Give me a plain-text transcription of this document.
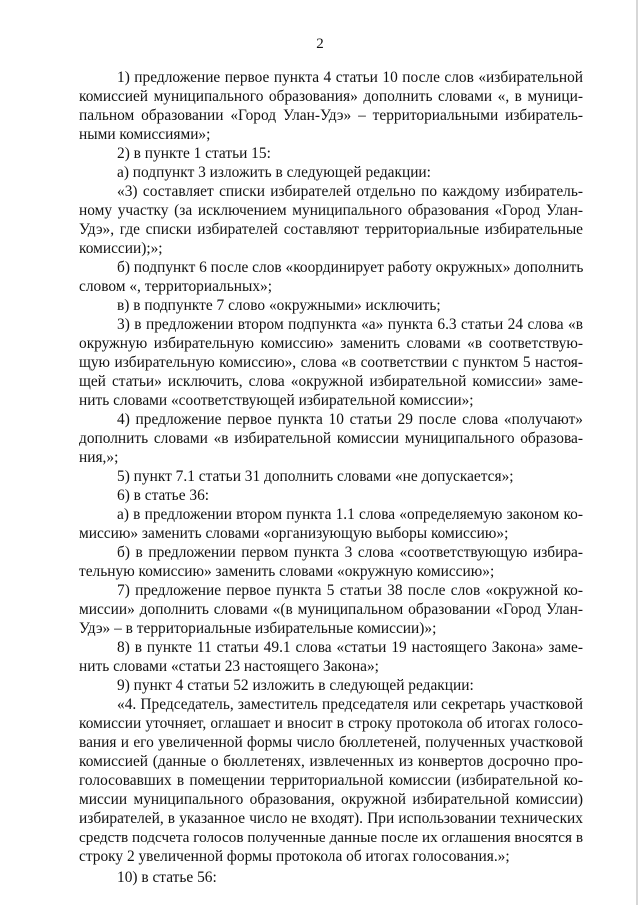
2
1) предложение первое пункта 4 статьи 10 после слов «избирательной
комиссией муниципального образования» дополнить словами «, в муници-
пальном образовании «Город Улан-Удэ» – территориальными избиратель-
ными комиссиями»;
2) в пункте 1 статьи 15:
а) подпункт 3 изложить в следующей редакции:
«3) составляет списки избирателей отдельно по каждому избиратель-
ному участку (за исключением муниципального образования «Город Улан-
Удэ», где списки избирателей составляют территориальные избирательные
комиссии);»;
б) подпункт 6 после слов «координирует работу окружных» дополнить
словом «, территориальных»;
в) в подпункте 7 слово «окружными» исключить;
3) в предложении втором подпункта «а» пункта 6.3 статьи 24 слова «в
окружную избирательную комиссию» заменить словами «в соответствую-
щую избирательную комиссию», слова «в соответствии с пунктом 5 настоя-
щей статьи» исключить, слова «окружной избирательной комиссии» заме-
нить словами «соответствующей избирательной комиссии»;
4) предложение первое пункта 10 статьи 29 после слова «получают»
дополнить словами «в избирательной комиссии муниципального образова-
ния,»;
5) пункт 7.1 статьи 31 дополнить словами «не допускается»;
6) в статье 36:
а) в предложении втором пункта 1.1 слова «определяемую законом ко-
миссию» заменить словами «организующую выборы комиссию»;
б) в предложении первом пункта 3 слова «соответствующую избира-
тельную комиссию» заменить словами «окружную комиссию»;
7) предложение первое пункта 5 статьи 38 после слов «окружной ко-
миссии» дополнить словами «(в муниципальном образовании «Город Улан-
Удэ» – в территориальные избирательные комиссии)»;
8) в пункте 11 статьи 49.1 слова «статьи 19 настоящего Закона» заме-
нить словами «статьи 23 настоящего Закона»;
9) пункт 4 статьи 52 изложить в следующей редакции:
«4. Председатель, заместитель председателя или секретарь участковой
комиссии уточняет, оглашает и вносит в строку протокола об итогах голосо-
вания и его увеличенной формы число бюллетеней, полученных участковой
комиссией (данные о бюллетенях, извлеченных из конвертов досрочно про-
голосовавших в помещении территориальной комиссии (избирательной ко-
миссии муниципального образования, окружной избирательной комиссии)
избирателей, в указанное число не входят). При использовании технических
средств подсчета голосов полученные данные после их оглашения вносятся в
строку 2 увеличенной формы протокола об итогах голосования.»;
10) в статье 56:
